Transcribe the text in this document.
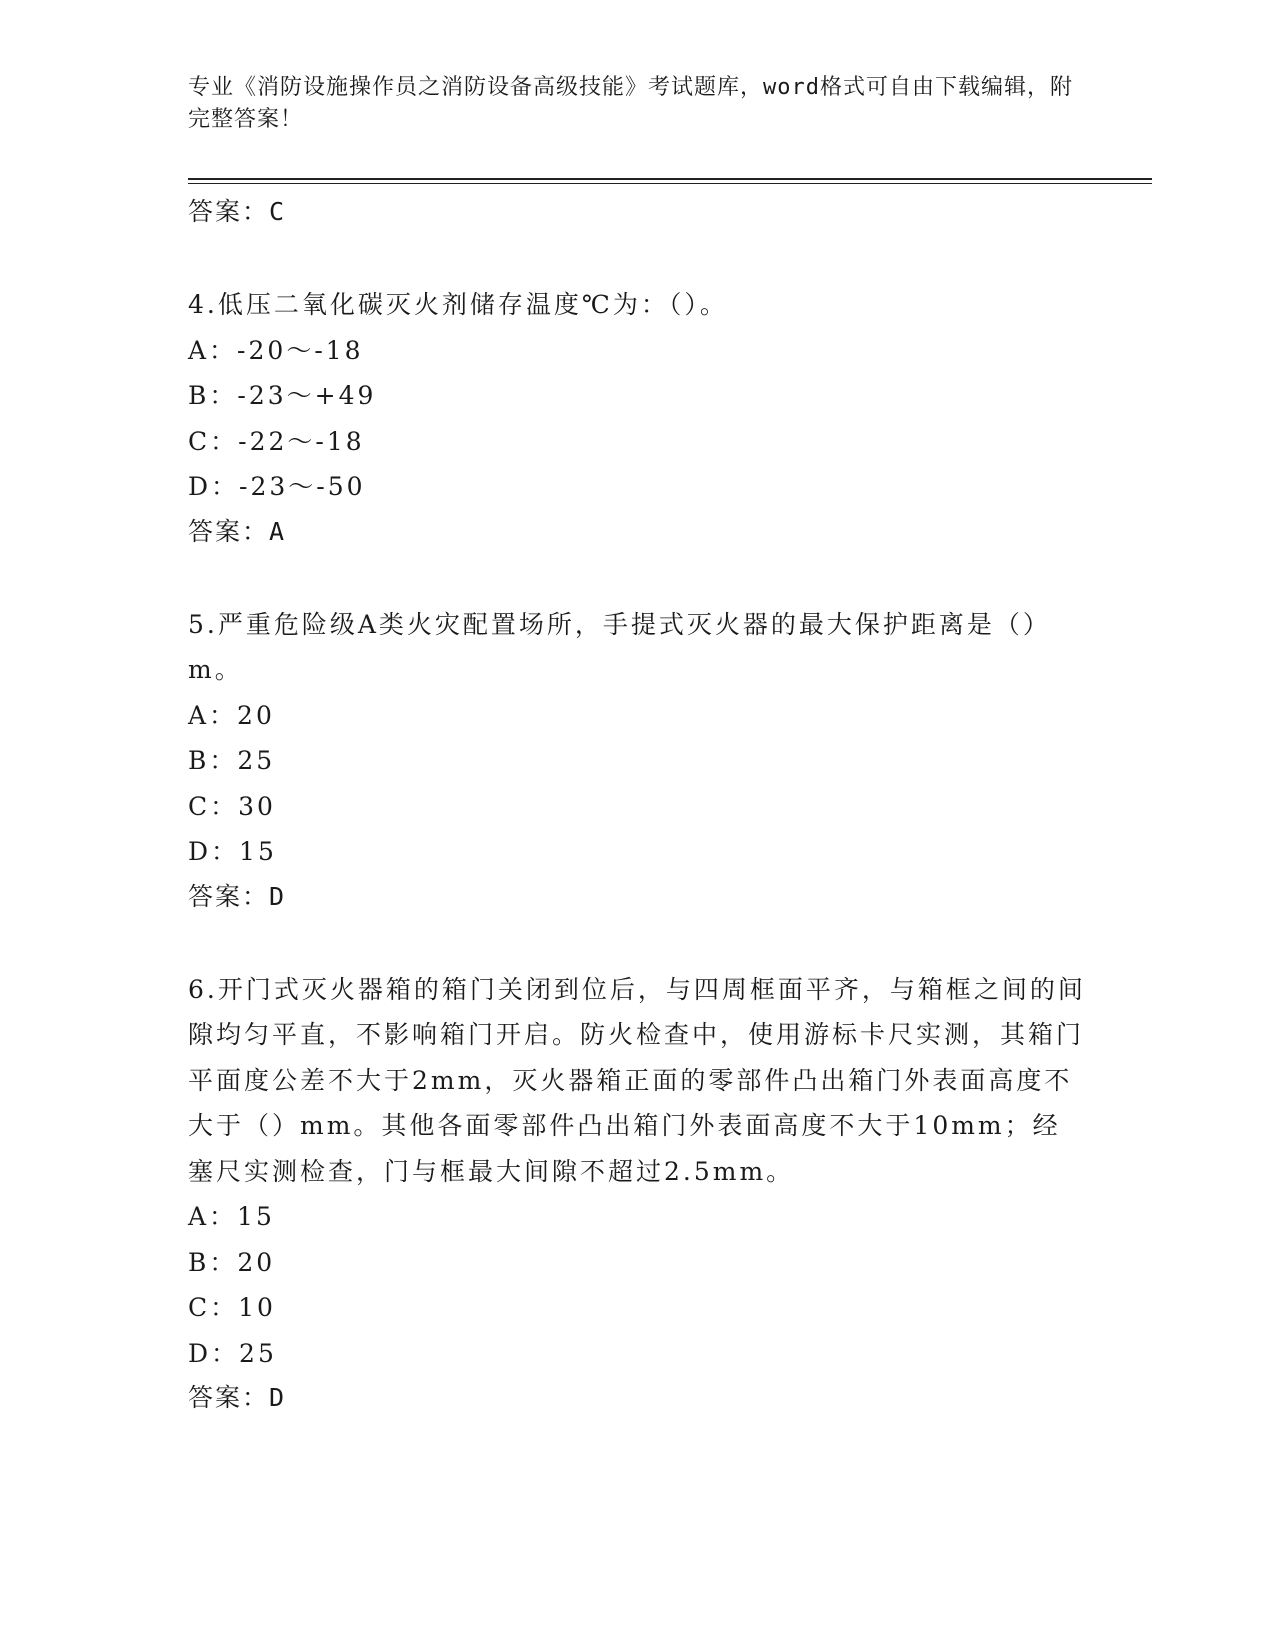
专业《消防设施操作员之消防设备高级技能》考试题库，word格式可自由下载编辑，附完整答案！
答案：C
4.低压二氧化碳灭火剂储存温度℃为：（）。
A：-20～-18
B：-23～+49
C：-22～-18
D：-23～-50
答案：A
5.严重危险级A类火灾配置场所，手提式灭火器的最大保护距离是（）m。
A：20
B：25
C：30
D：15
答案：D
6.开门式灭火器箱的箱门关闭到位后，与四周框面平齐，与箱框之间的间隙均匀平直，不影响箱门开启。防火检查中，使用游标卡尺实测，其箱门平面度公差不大于2mm，灭火器箱正面的零部件凸出箱门外表面高度不大于（）mm。其他各面零部件凸出箱门外表面高度不大于10mm；经塞尺实测检查，门与框最大间隙不超过2.5mm。
A：15
B：20
C：10
D：25
答案：D
